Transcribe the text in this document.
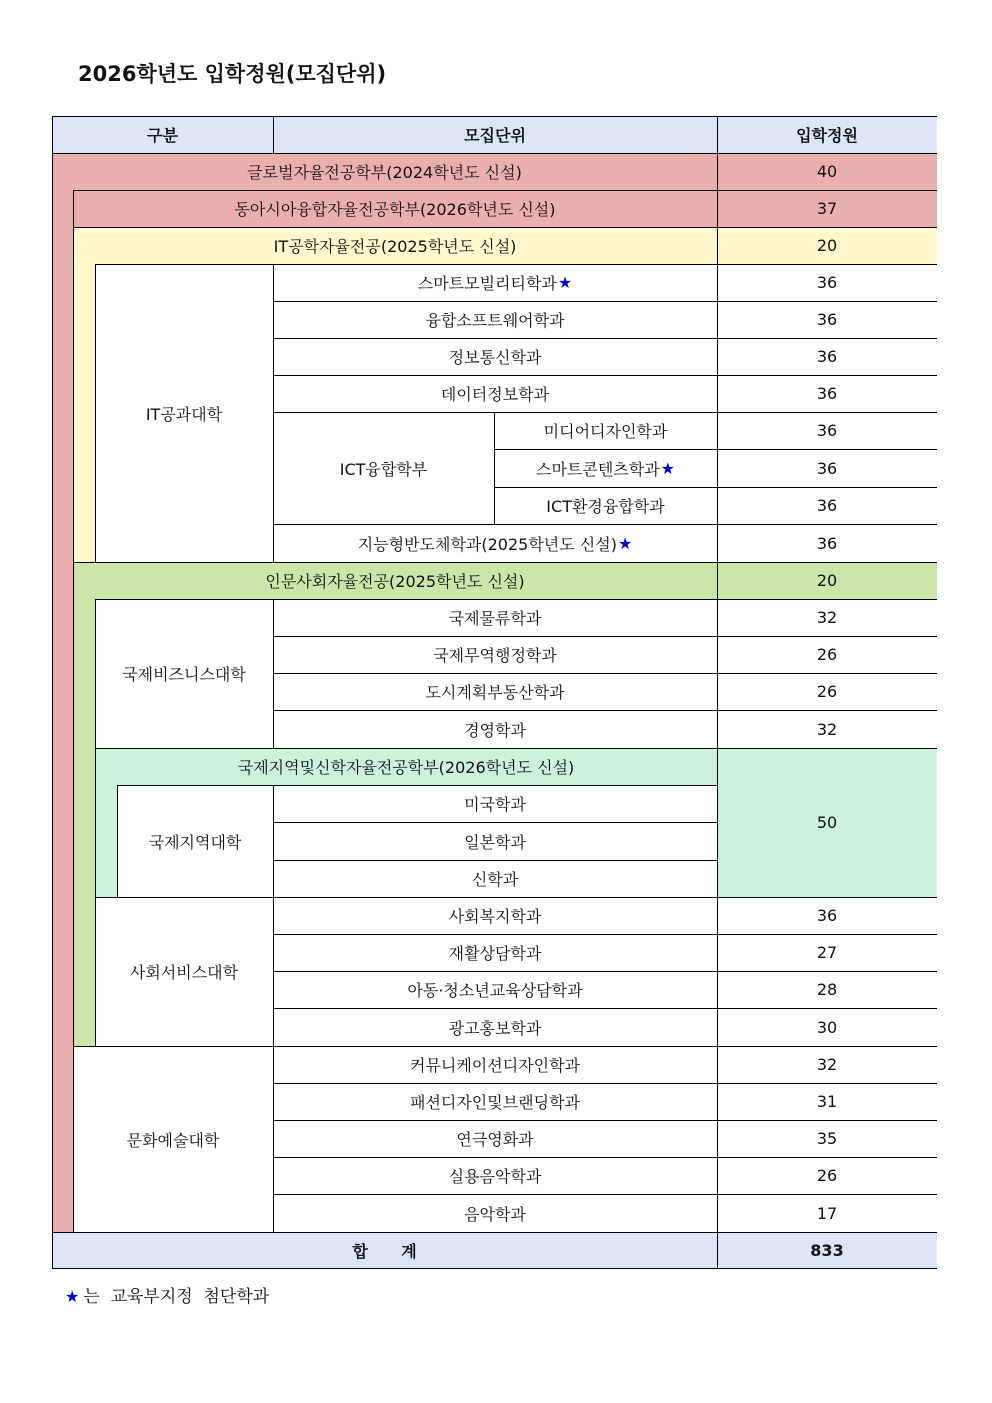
2026학년도 입학정원(모집단위)
구분	모집단위	입학정원
글로벌자율전공학부(2024학년도 신설)
동아시아융합자율전공학부(2026학년도 신설)
IT공학자율전공(2025학년도 신설)
IT공과대학
스마트모빌리티학과 ★
융합소프트웨어학과
정보통신학과
데이터정보학과
ICT융합학부
미디어디자인학과
스마트콘텐츠학과 ★
ICT환경융합학과
지능형반도체학과(2025학년도 신설) ★
인문사회자율전공(2025학년도 신설)
국제비즈니스대학
국제물류학과
국제무역행정학과
도시계획부동산학과
경영학과
국제지역및신학자율전공학부(2026학년도 신설)
국제지역대학
미국학과
일본학과
신학과
사회서비스대학
사회복지학과
재활상담학과
아동·청소년교육상담학과
광고홍보학과
문화예술대학
커뮤니케이션디자인학과
패션디자인및브랜딩학과
연극영화과
실용음악학과
음악학과
합      계
40
37
20
36
36
36
36
36
36
36
36
20
32
26
26
32
50
36
27
28
30
32
31
35
26
17
833
★ 는  교육부지정  첨단학과
